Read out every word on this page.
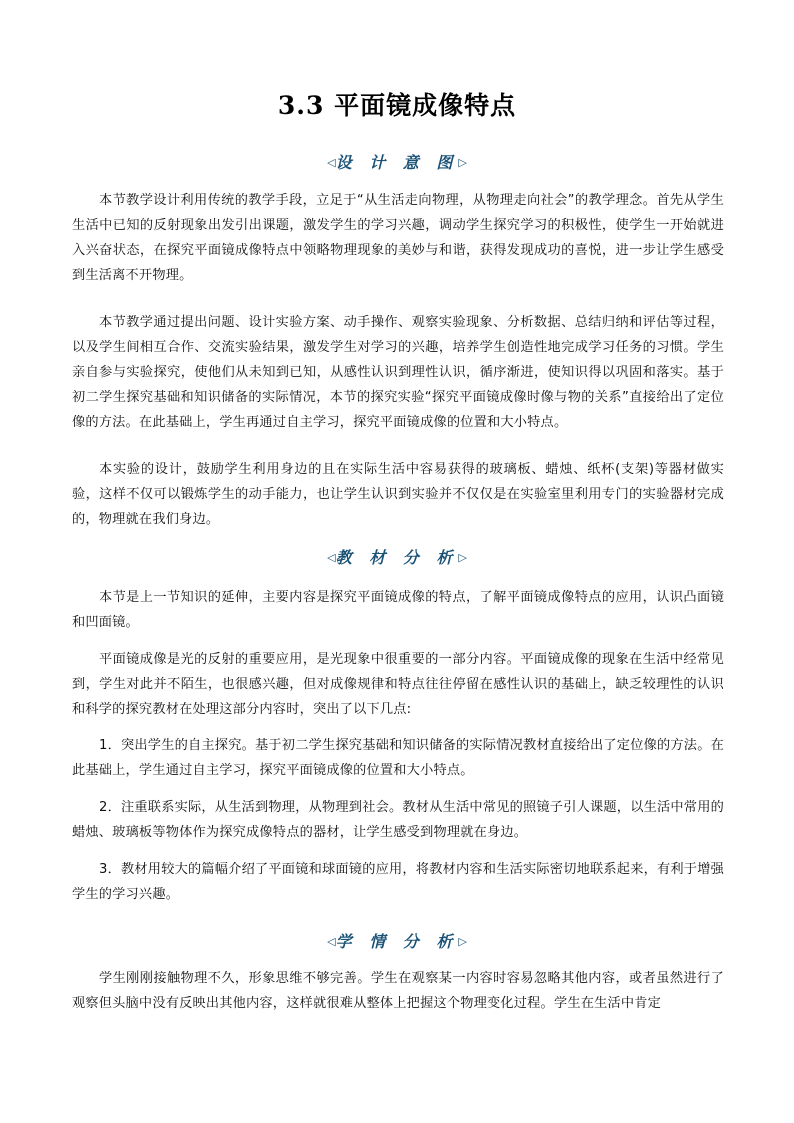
3.3 平面镜成像特点
◁设 计 意 图▷

本节教学设计利用传统的教学手段，立足于“从生活走向物理，从物理走向社会”的教学理念。首先从学生生活中已知的反射现象出发引出课题，激发学生的学习兴趣，调动学生探究学习的积极性，使学生一开始就进入兴奋状态，在探究平面镜成像特点中领略物理现象的美妙与和谐，获得发现成功的喜悦，进一步让学生感受到生活离不开物理。

本节教学通过提出问题、设计实验方案、动手操作、观察实验现象、分析数据、总结归纳和评估等过程，以及学生间相互合作、交流实验结果，激发学生对学习的兴趣，培养学生创造性地完成学习任务的习惯。学生亲自参与实验探究，使他们从未知到已知，从感性认识到理性认识，循序渐进，使知识得以巩固和落实。基于初二学生探究基础和知识储备的实际情况，本节的探究实验“探究平面镜成像时像与物的关系”直接给出了定位像的方法。在此基础上，学生再通过自主学习，探究平面镜成像的位置和大小特点。

本实验的设计，鼓励学生利用身边的且在实际生活中容易获得的玻璃板、蜡烛、纸杯(支架)等器材做实验，这样不仅可以锻炼学生的动手能力，也让学生认识到实验并不仅仅是在实验室里利用专门的实验器材完成的，物理就在我们身边。

◁教 材 分 析▷

本节是上一节知识的延伸，主要内容是探究平面镜成像的特点，了解平面镜成像特点的应用，认识凸面镜和凹面镜。

平面镜成像是光的反射的重要应用，是光现象中很重要的一部分内容。平面镜成像的现象在生活中经常见到，学生对此并不陌生，也很感兴趣，但对成像规律和特点往往停留在感性认识的基础上，缺乏较理性的认识和科学的探究教材在处理这部分内容时，突出了以下几点:

1．突出学生的自主探究。基于初二学生探究基础和知识储备的实际情况教材直接给出了定位像的方法。在此基础上，学生通过自主学习，探究平面镜成像的位置和大小特点。

2．注重联系实际，从生活到物理，从物理到社会。教材从生活中常见的照镜子引人课题，以生活中常用的蜡烛、玻璃板等物体作为探究成像特点的器材，让学生感受到物理就在身边。

3．教材用较大的篇幅介绍了平面镜和球面镜的应用，将教材内容和生活实际密切地联系起来，有利于增强学生的学习兴趣。

◁学 情 分 析▷

学生刚刚接触物理不久，形象思维不够完善。学生在观察某一内容时容易忽略其他内容，或者虽然进行了观察但头脑中没有反映出其他内容，这样就很难从整体上把握这个物理变化过程。学生在生活中肯定
